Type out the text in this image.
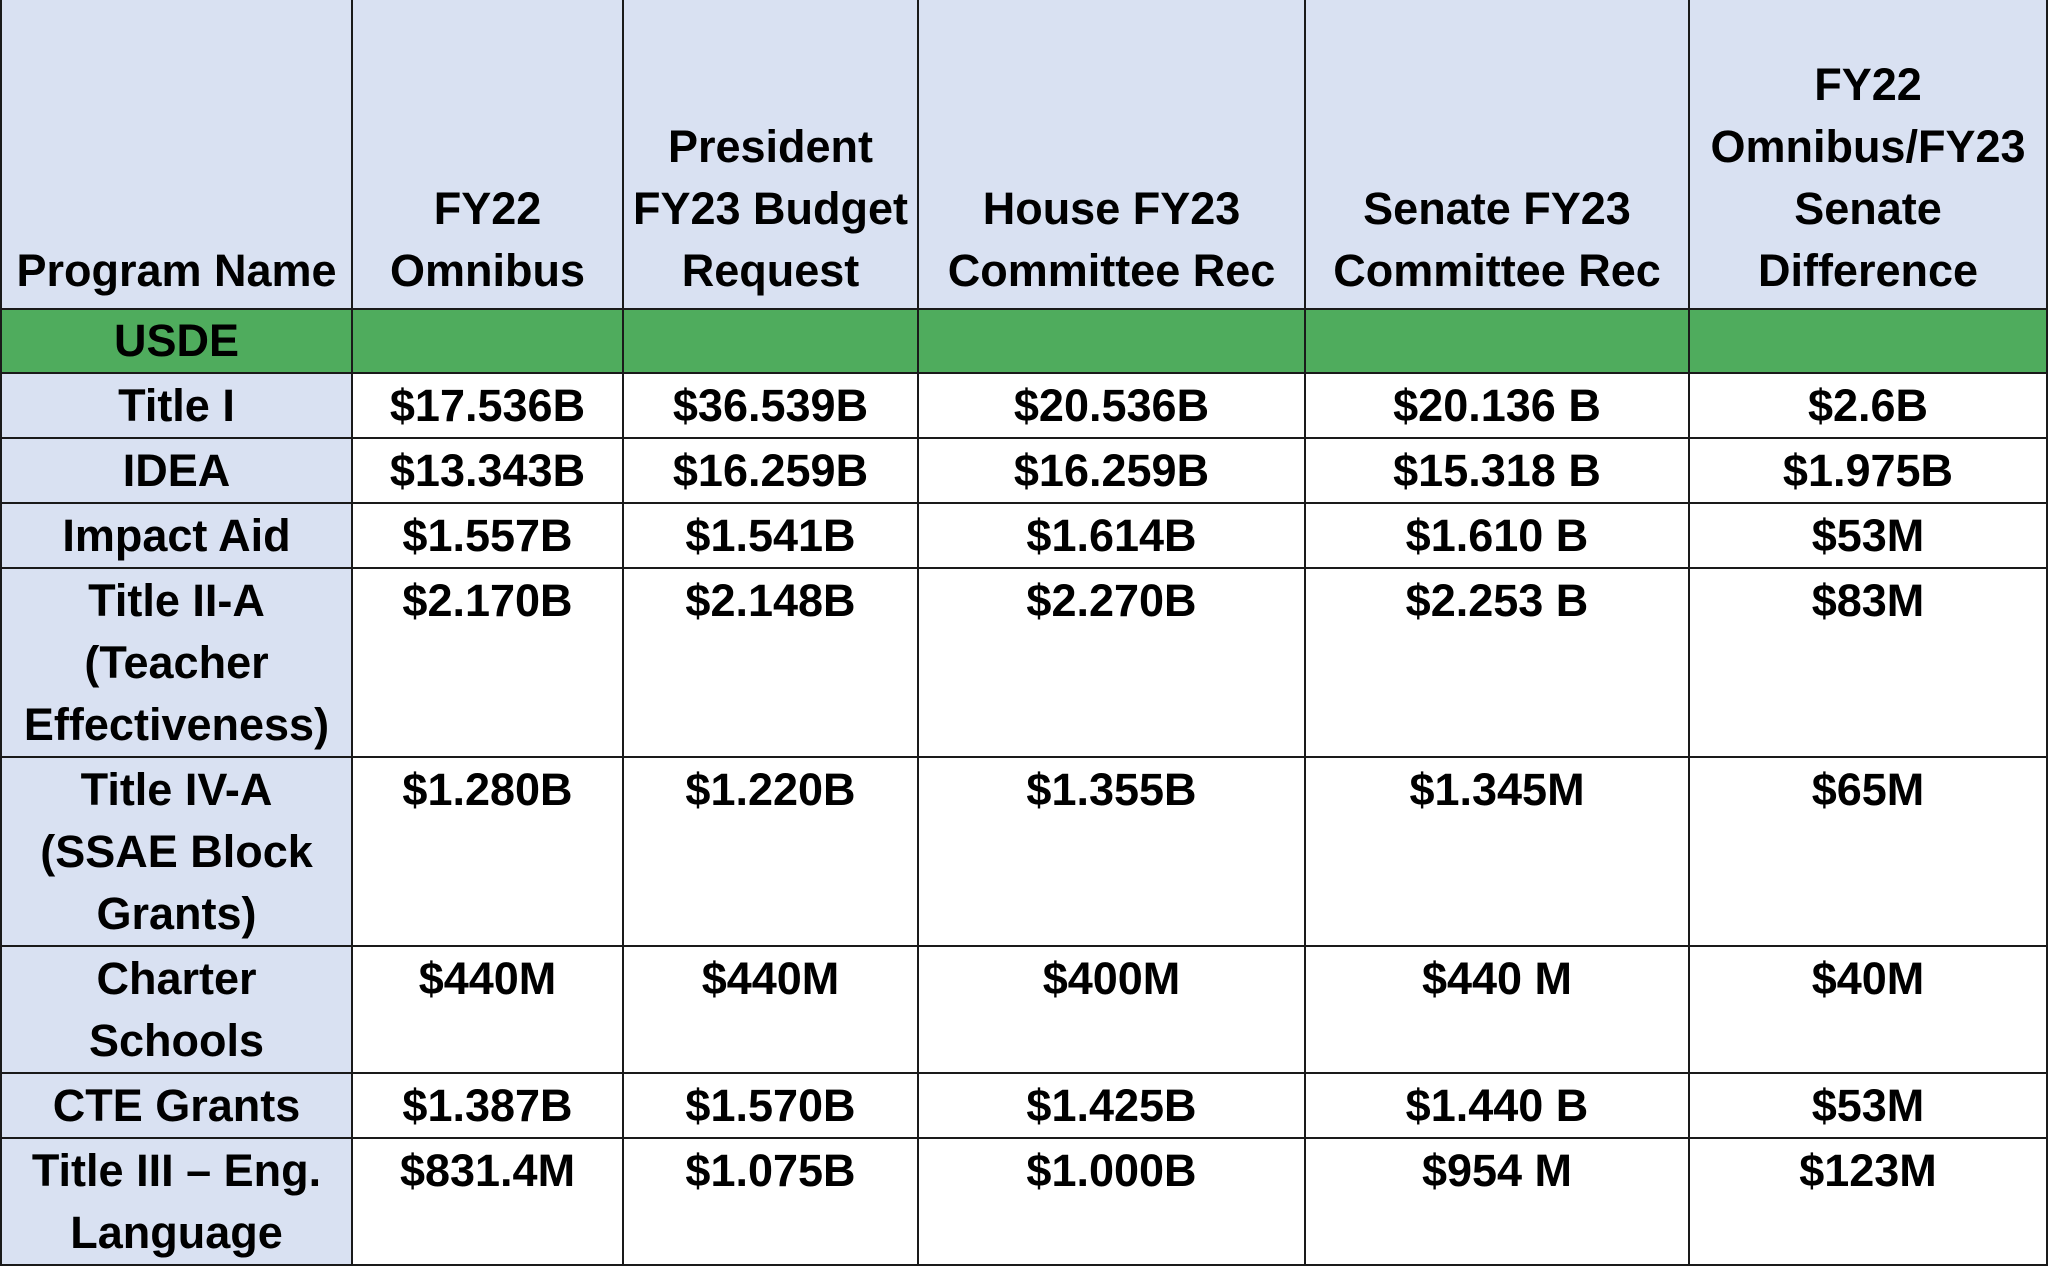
Program Name	FY22 Omnibus	President FY23 Budget Request	House FY23 Committee Rec	Senate FY23 Committee Rec	FY22 Omnibus/FY23 Senate Difference
USDE					
Title I	$17.536B	$36.539B	$20.536B	$20.136 B	$2.6B
IDEA	$13.343B	$16.259B	$16.259B	$15.318 B	$1.975B
Impact Aid	$1.557B	$1.541B	$1.614B	$1.610 B	$53M
Title II-A (Teacher Effectiveness)	$2.170B	$2.148B	$2.270B	$2.253 B	$83M
Title IV-A (SSAE Block Grants)	$1.280B	$1.220B	$1.355B	$1.345M	$65M
Charter Schools	$440M	$440M	$400M	$440 M	$40M
CTE Grants	$1.387B	$1.570B	$1.425B	$1.440 B	$53M
Title III – Eng. Language	$831.4M	$1.075B	$1.000B	$954 M	$123M
